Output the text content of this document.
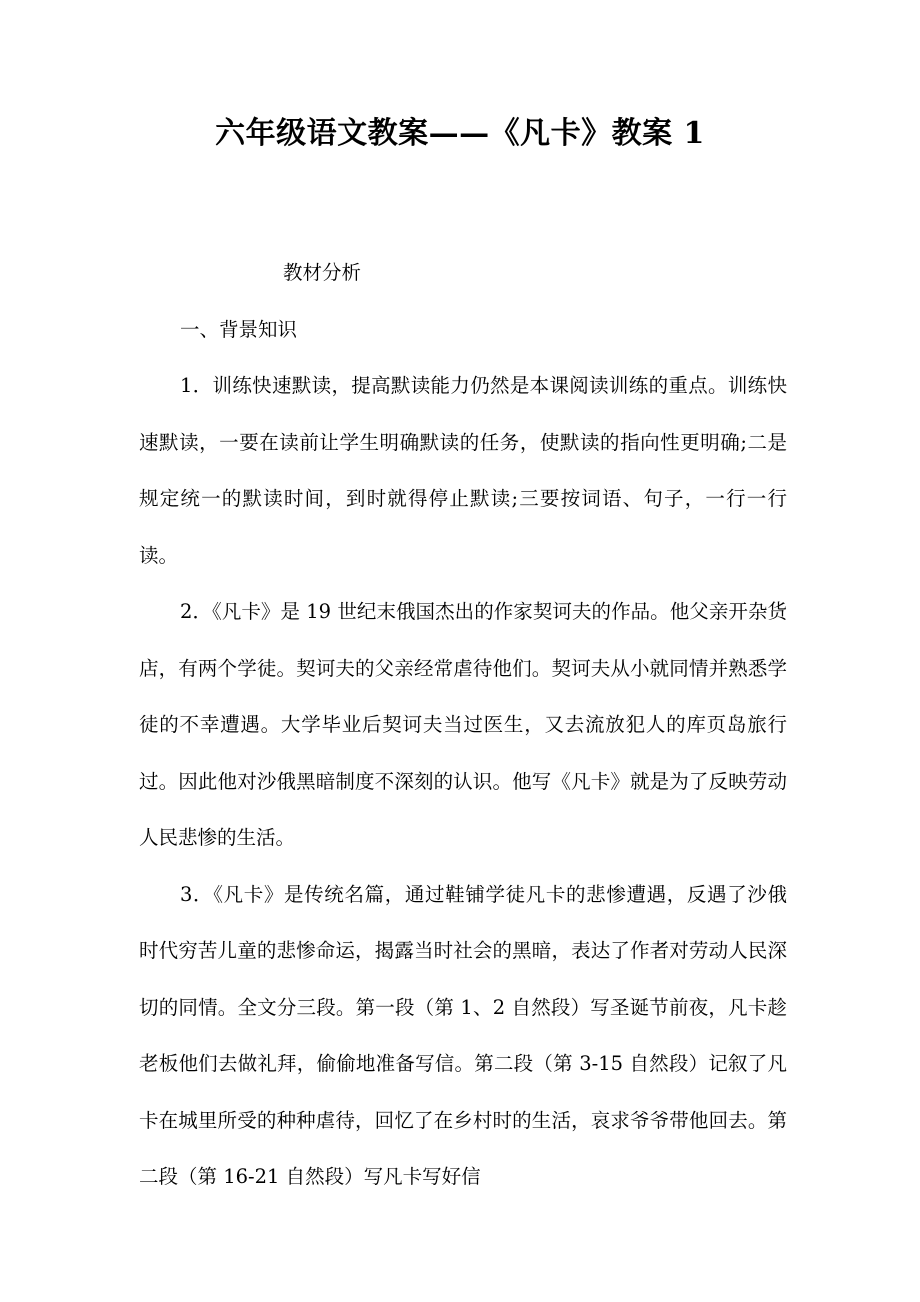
六年级语文教案——《凡卡》教案 1

教材分析

一、背景知识

1．训练快速默读，提高默读能力仍然是本课阅读训练的重点。训练快速默读，一要在读前让学生明确默读的任务，使默读的指向性更明确;二是规定统一的默读时间，到时就得停止默读;三要按词语、句子，一行一行读。

2．《凡卡》是 19 世纪末俄国杰出的作家契诃夫的作品。他父亲开杂货店，有两个学徒。契诃夫的父亲经常虐待他们。契诃夫从小就同情并熟悉学徒的不幸遭遇。大学毕业后契诃夫当过医生，又去流放犯人的库页岛旅行过。因此他对沙俄黑暗制度不深刻的认识。他写《凡卡》就是为了反映劳动人民悲惨的生活。

3．《凡卡》是传统名篇，通过鞋铺学徒凡卡的悲惨遭遇，反遇了沙俄时代穷苦儿童的悲惨命运，揭露当时社会的黑暗，表达了作者对劳动人民深切的同情。全文分三段。第一段（第 1、2 自然段）写圣诞节前夜，凡卡趁老板他们去做礼拜，偷偷地准备写信。第二段（第 3-15 自然段）记叙了凡卡在城里所受的种种虐待，回忆了在乡村时的生活，哀求爷爷带他回去。第二段（第 16-21 自然段）写凡卡写好信
